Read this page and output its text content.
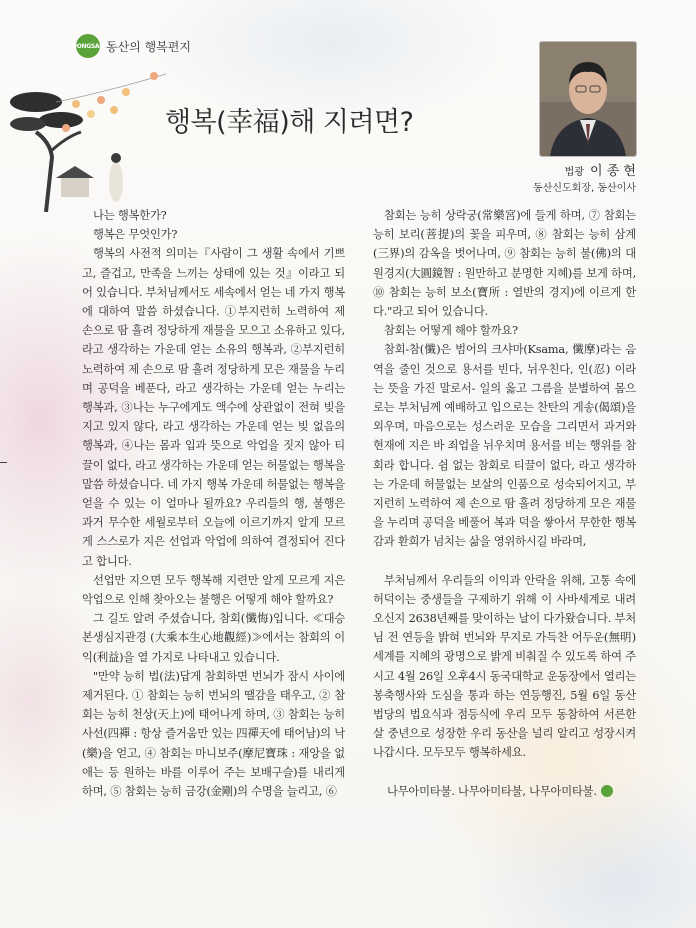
DONGSAN 동산의 행복편지
행복(幸福)해 지려면?
법광 이 종 현
동산신도회장, 동산이사

나는 행복한가?

행복은 무엇인가?

행복의 사전적 의미는『사람이 그 생활 속에서 기쁘고, 즐겁고, 만족을 느끼는 상태에 있는 것』이라고 되어 있습니다. 부처님께서도 세속에서 얻는 네 가지 행복에 대하여 말씀 하셨습니다. ①부지런히 노력하여 제 손으로 땀 흘려 정당하게 재물을 모으고 소유하고 있다, 라고 생각하는 가운데 얻는 소유의 행복과, ②부지런히 노력하여 제 손으로 땀 흘려 정당하게 모은 재물을 누리며 공덕을 베푼다, 라고 생각하는 가운데 얻는 누리는 행복과, ③나는 누구에게도 액수에 상관없이 전혀 빚을 지고 있지 않다, 라고 생각하는 가운데 얻는 빚 없음의 행복과, ④나는 몸과 입과 뜻으로 악업을 짓지 않아 티끌이 없다, 라고 생각하는 가운데 얻는 허물없는 행복을 말씀 하셨습니다. 네 가지 행복 가운데 허물없는 행복을 얻을 수 있는 이 얼마나 될까요? 우리들의 행, 불행은 과거 무수한 세월로부터 오늘에 이르기까지 알게 모르게 스스로가 지은 선업과 악업에 의하여 결정되어 진다고 합니다.

선업만 지으면 모두 행복해 지련만 알게 모르게 지은 악업으로 인해 찾아오는 불행은 어떻게 해야 할까요?

그 길도 알려 주셨습니다, 참회(懺悔)입니다. ≪대승본생심지관경 (大乘本生心地觀經)≫에서는 참회의 이익(利益)을 열 가지로 나타내고 있습니다.

"만약 능히 법(法)답게 참회하면 번뇌가 잠시 사이에 제거된다. ① 참회는 능히 번뇌의 땔감을 태우고, ② 참회는 능히 천상(天上)에 태어나게 하며, ③ 참회는 능히 사선(四禪 : 항상 즐거움만 있는 四禪天에 태어남)의 낙(樂)을 얻고, ④ 참회는 마니보주(摩尼寶珠 : 재앙을 없애는 등 원하는 바를 이루어 주는 보배구슬)를 내리게 하며, ⑤ 참회는 능히 금강(金剛)의 수명을 늘리고, ⑥

참회는 능히 상락궁(常樂宮)에 들게 하며, ⑦ 참회는 능히 보리(菩提)의 꽃을 피우며, ⑧ 참회는 능히 삼계(三界)의 감옥을 벗어나며, ⑨ 참회는 능히 불(佛)의 대원경지(大圓鏡智 : 원만하고 분명한 지혜)를 보게 하며, ⑩ 참회는 능히 보소(寶所 : 열반의 경지)에 이르게 한다."라고 되어 있습니다.

참회는 어떻게 해야 할까요?

참회-참(懺)은 범어의 크샤마(Ksama, 懺摩)라는 음역을 줄인 것으로 용서를 빈다, 뉘우친다, 인(忍) 이라는 뜻을 가진 말로서- 일의 옳고 그름을 분별하여 몸으로는 부처님께 예배하고 입으로는 찬탄의 게송(偈頌)을 외우며, 마음으로는 성스러운 모습을 그리면서 과거와 현재에 지은 바 죄업을 뉘우치며 용서를 비는 행위를 참회라 합니다. 쉼 없는 참회로 티끌이 없다, 라고 생각하는 가운데 허물없는 보살의 인품으로 성숙되어지고, 부지런히 노력하여 제 손으로 땀 흘려 정당하게 모은 재물을 누리며 공덕을 베풀어 복과 덕을 쌓아서 무한한 행복감과 환희가 넘치는 삶을 영위하시길 바라며,

부처님께서 우리들의 이익과 안락을 위해, 고통 속에 허덕이는 중생들을 구제하기 위해 이 사바세계로 내려오신지 2638년째를 맞이하는 날이 다가왔습니다. 부처님 전 연등을 밝혀 번뇌와 무지로 가득찬 어두운(無明) 세계를 지혜의 광명으로 밝게 비춰질 수 있도록 하여 주시고 4월 26일 오후4시 동국대학교 운동장에서 열리는 봉축행사와 도심을 통과 하는 연등행진, 5월 6일 동산법당의 법요식과 점등식에 우리 모두 동참하여 서른한 살 중년으로 성장한 우리 동산을 널리 알리고 성장시켜 나갑시다. 모두모두 행복하세요.

나무아미타불. 나무아미타불, 나무아미타불.
